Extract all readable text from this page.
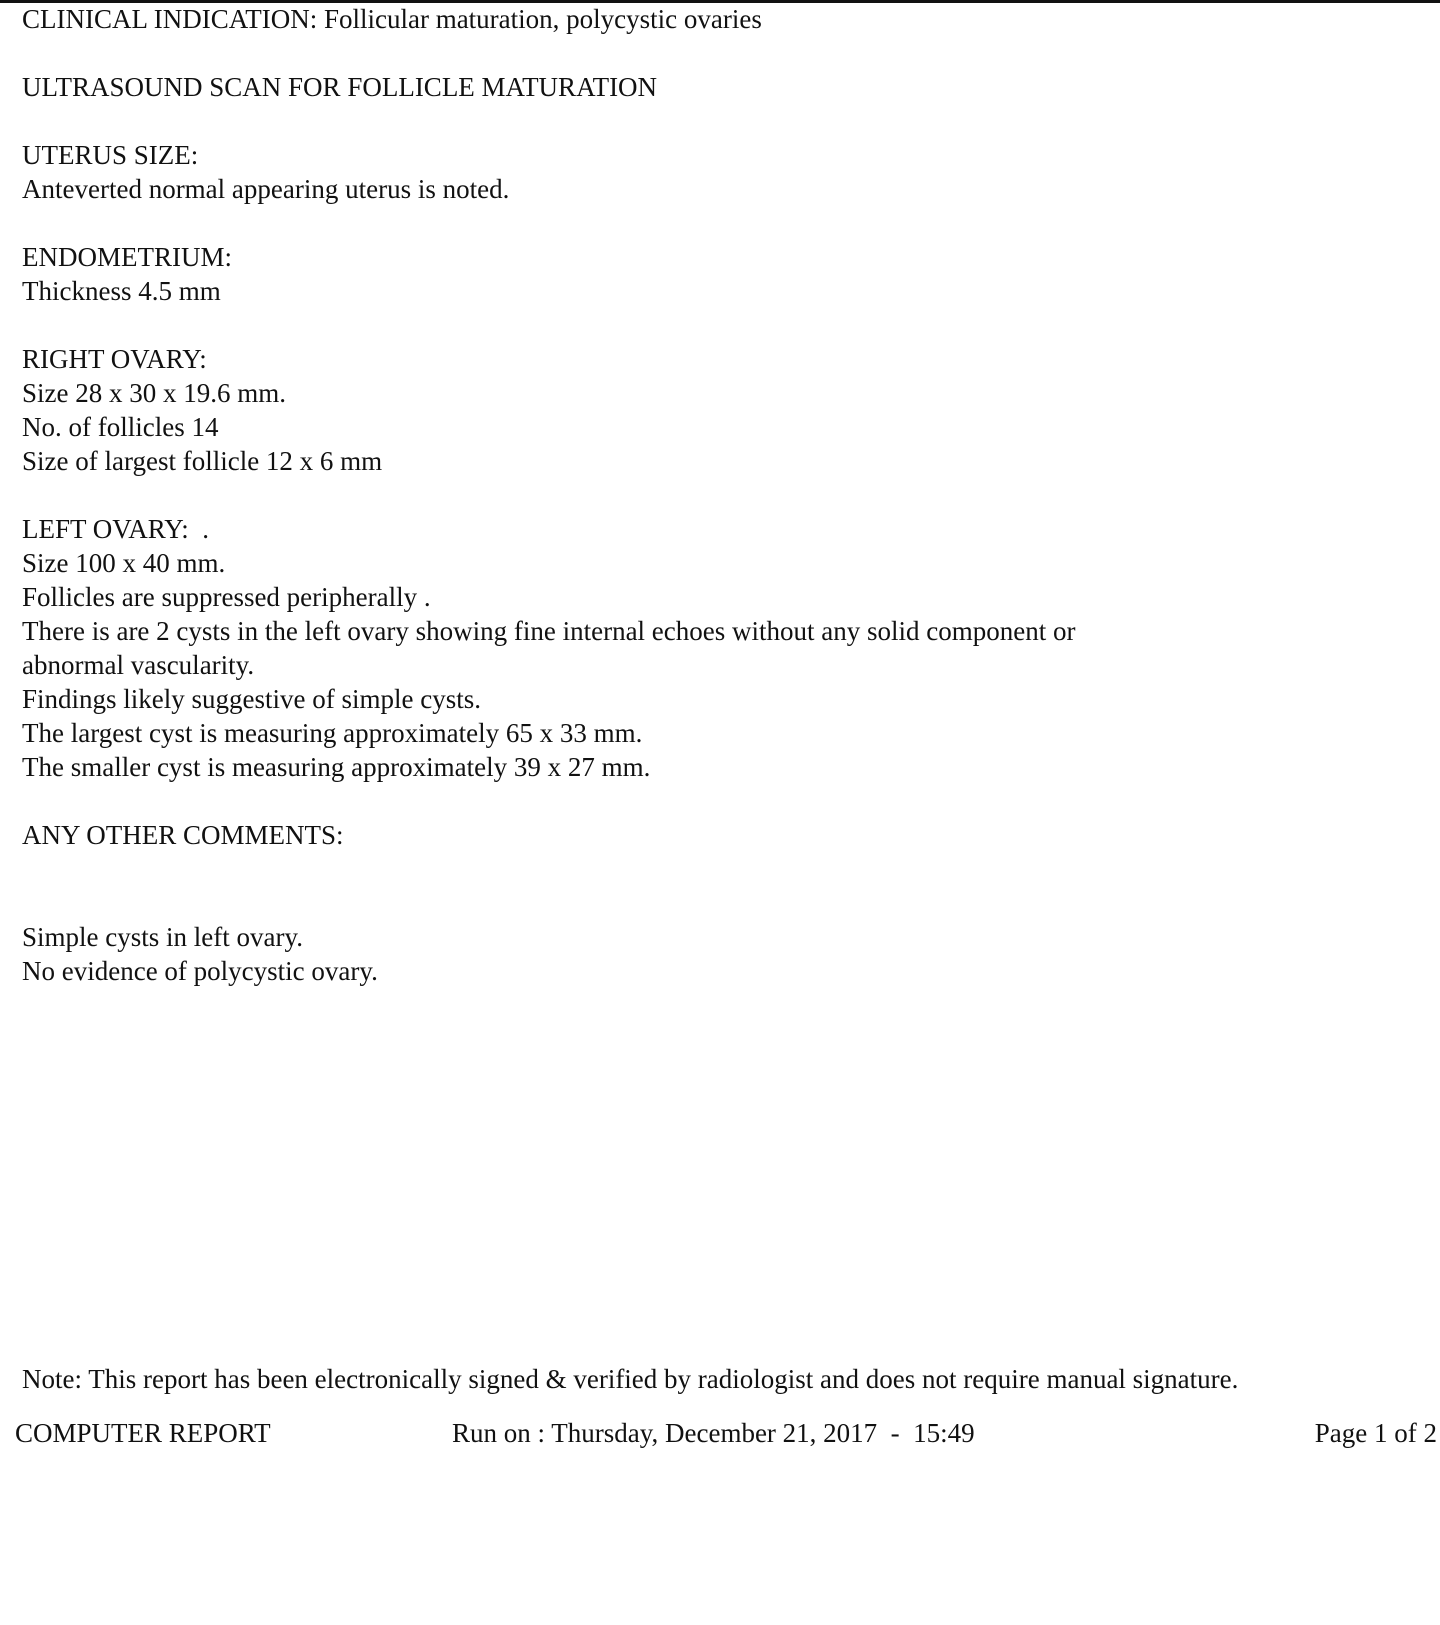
CLINICAL INDICATION: Follicular maturation, polycystic ovaries
ULTRASOUND SCAN FOR FOLLICLE MATURATION
UTERUS SIZE:
Anteverted normal appearing uterus is noted.
ENDOMETRIUM:
Thickness 4.5 mm
RIGHT OVARY:
Size 28 x 30 x 19.6 mm.
No. of follicles 14
Size of largest follicle 12 x 6 mm
LEFT OVARY:  .
Size 100 x 40 mm.
Follicles are suppressed peripherally .
There is are 2 cysts in the left ovary showing fine internal echoes without any solid component or
abnormal vascularity.
Findings likely suggestive of simple cysts.
The largest cyst is measuring approximately 65 x 33 mm.
The smaller cyst is measuring approximately 39 x 27 mm.
ANY OTHER COMMENTS:
Simple cysts in left ovary.
No evidence of polycystic ovary.
Note: This report has been electronically signed & verified by radiologist and does not require manual signature.
COMPUTER REPORT	Run on : Thursday, December 21, 2017  -  15:49	Page 1 of 2
